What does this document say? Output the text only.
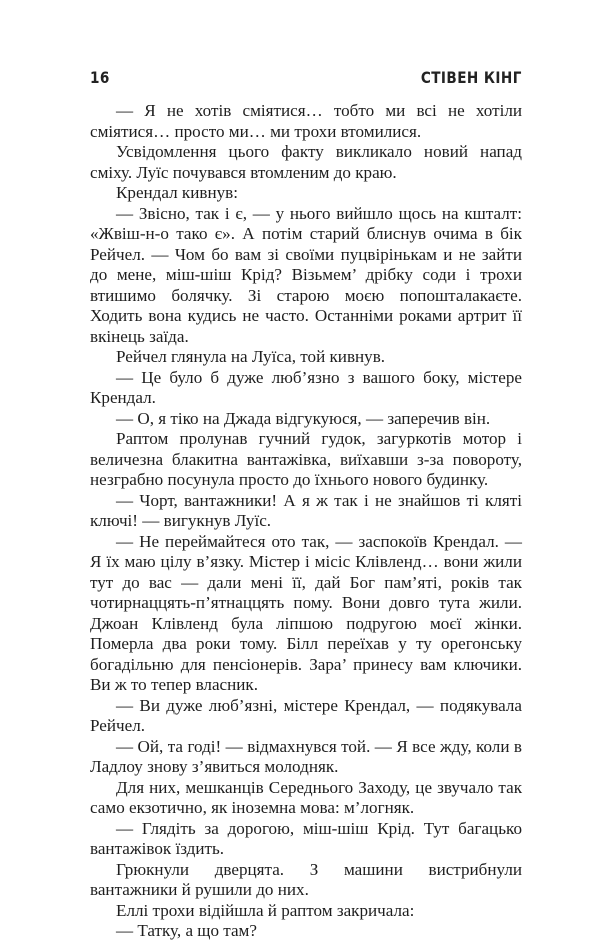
16	СТІВЕН КІНГ

— Я не хотів сміятися… тобто ми всі не хотіли сміятися… просто ми… ми трохи втомилися.

Усвідомлення цього факту викликало новий напад сміху. Луїс почувався втомленим до краю.

Крендал кивнув:

— Звісно, так і є, — у нього вийшло щось на кшталт: «Жвіш-н-о тако є». А потім старий блиснув очима в бік Рейчел. — Чом бо вам зі своїми пуцвірінькам и не зайти до мене, міш-шіш Крід? Візьмем’ дрібку соди і трохи втишимо болячку. Зі старою моєю попошталакаєте. Ходить вона кудись не часто. Останніми роками артрит її вкінець заїда.

Рейчел глянула на Луїса, той кивнув.

— Це було б дуже люб’язно з вашого боку, містере Крендал.

— О, я тіко на Джада відгукуюся, — заперечив він.

Раптом пролунав гучний гудок, загуркотів мотор і величезна блакитна вантажівка, виїхавши з-за повороту, незграбно посунула просто до їхнього нового будинку.

— Чорт, вантажники! А я ж так і не знайшов ті кляті ключі! — вигукнув Луїс.

— Не переймайтеся ото так, — заспокоїв Крендал. — Я їх маю цілу в’язку. Містер і місіс Клівленд… вони жили тут до вас — дали мені її, дай Бог пам’яті, років так чотирнаццять-п’ятнаццять пому. Вони довго тута жили. Джоан Клівленд була ліпшою подругою моєї жінки. Померла два роки тому. Білл переїхав у ту орегонську богадільню для пенсіонерів. Зара’ принесу вам ключики. Ви ж то тепер власник.

— Ви дуже люб’язні, містере Крендал, — подякувала Рейчел.

— Ой, та годі! — відмахнувся той. — Я все жду, коли в Ладлоу знову з’явиться молодняк.

Для них, мешканців Середнього Заходу, це звучало так само екзотично, як іноземна мова: м’логняк.

— Глядіть за дорогою, міш-шіш Крід. Тут багацько вантажівок їздить.

Грюкнули дверцята. З машини вистрибнули вантажники й рушили до них.

Еллі трохи відійшла й раптом закричала:

— Татку, а що там?
